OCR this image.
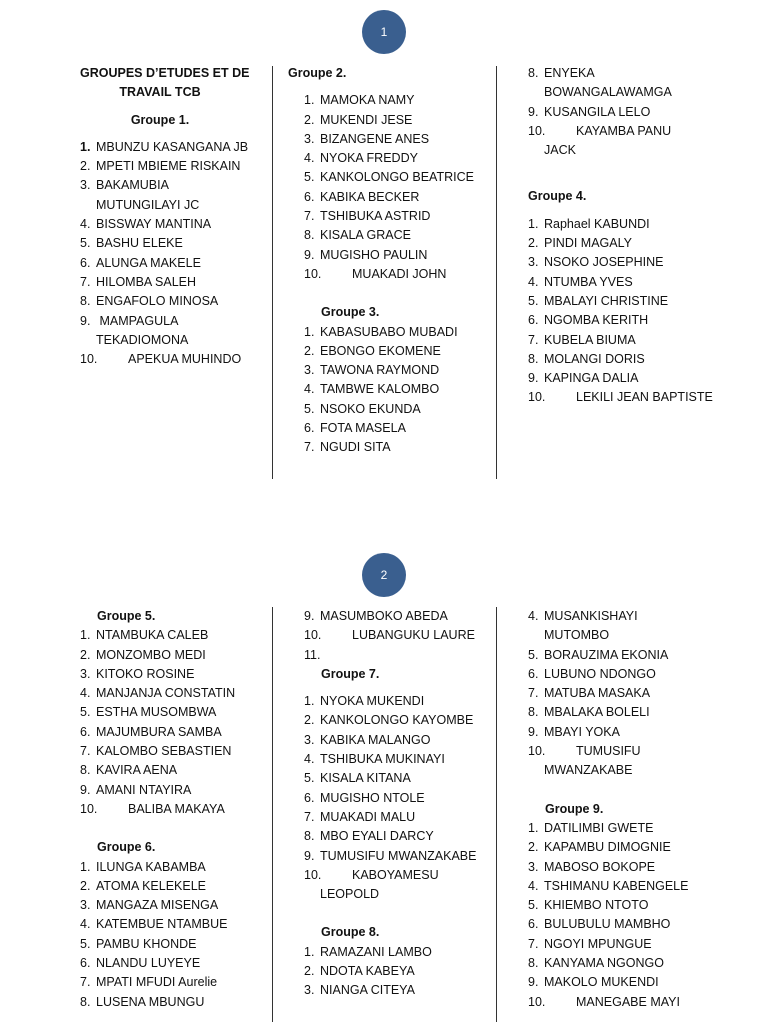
1
2
GROUPES D’ETUDES ET DE
TRAVAIL TCB
Groupe 1.
1. MBUNZU KASANGANA JB
2. MPETI MBIEME RISKAIN
3. BAKAMUBIA
MUTUNGILAYI JC
4. BISSWAY MANTINA
5. BASHU ELEKE
6. ALUNGA MAKELE
7. HILOMBA SALEH
8. ENGAFOLO MINOSA
9. MAMPAGULA
TEKADIOMONA
10. APEKUA MUHINDO
Groupe 2.
1. MAMOKA NAMY
2. MUKENDI JESE
3. BIZANGENE ANES
4. NYOKA FREDDY
5. KANKOLONGO BEATRICE
6. KABIKA BECKER
7. TSHIBUKA ASTRID
8. KISALA GRACE
9. MUGISHO PAULIN
10. MUAKADI JOHN
Groupe 3.
1. KABASUBABO MUBADI
2. EBONGO EKOMENE
3. TAWONA RAYMOND
4. TAMBWE KALOMBO
5. NSOKO EKUNDA
6. FOTA MASELA
7. NGUDI SITA
8. ENYEKA
BOWANGALAWAMGA
9. KUSANGILA LELO
10. KAYAMBA PANU
JACK
Groupe 4.
1. Raphael KABUNDI
2. PINDI MAGALY
3. NSOKO JOSEPHINE
4. NTUMBA YVES
5. MBALAYI CHRISTINE
6. NGOMBA KERITH
7. KUBELA BIUMA
8. MOLANGI DORIS
9. KAPINGA DALIA
10. LEKILI JEAN BAPTISTE
Groupe 5.
1. NTAMBUKA CALEB
2. MONZOMBO MEDI
3. KITOKO ROSINE
4. MANJANJA CONSTATIN
5. ESTHA MUSOMBWA
6. MAJUMBURA SAMBA
7. KALOMBO SEBASTIEN
8. KAVIRA AENA
9. AMANI NTAYIRA
10. BALIBA MAKAYA
Groupe 6.
1. ILUNGA KABAMBA
2. ATOMA KELEKELE
3. MANGAZA MISENGA
4. KATEMBUE NTAMBUE
5. PAMBU KHONDE
6. NLANDU LUYEYE
7. MPATI MFUDI Aurelie
8. LUSENA MBUNGU
9. MASUMBOKO ABEDA
10. LUBANGUKU LAURE
11.
Groupe 7.
1. NYOKA MUKENDI
2. KANKOLONGO KAYOMBE
3. KABIKA MALANGO
4. TSHIBUKA MUKINAYI
5. KISALA KITANA
6. MUGISHO NTOLE
7. MUAKADI MALU
8. MBO EYALI DARCY
9. TUMUSIFU MWANZAKABE
10. KABOYAMESU
LEOPOLD
Groupe 8.
1. RAMAZANI LAMBO
2. NDOTA KABEYA
3. NIANGA CITEYA
4. MUSANKISHAYI
MUTOMBO
5. BORAUZIMA EKONIA
6. LUBUNO NDONGO
7. MATUBA MASAKA
8. MBALAKA BOLELI
9. MBAYI YOKA
10. TUMUSIFU
MWANZAKABE
Groupe 9.
1. DATILIMBI GWETE
2. KAPAMBU DIMOGNIE
3. MABOSO BOKOPE
4. TSHIMANU KABENGELE
5. KHIEMBO NTOTO
6. BULUBULU MAMBHO
7. NGOYI MPUNGUE
8. KANYAMA NGONGO
9. MAKOLO MUKENDI
10. MANEGABE MAYI
